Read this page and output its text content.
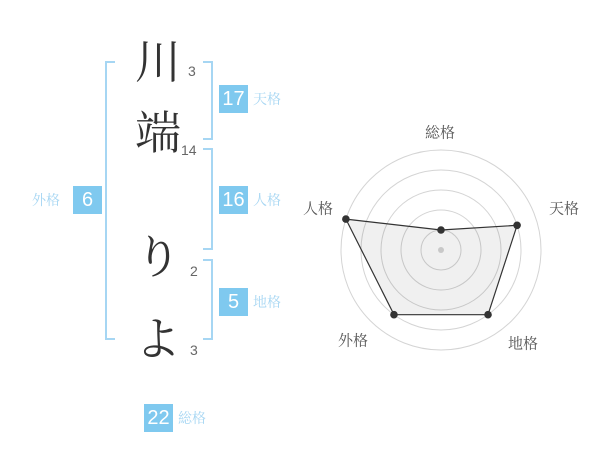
川
端
り
よ
3
14
2
3
17 天格
16 人格
5 地格
外格	6
22 総格
総格
天格
地格
外格
人格
